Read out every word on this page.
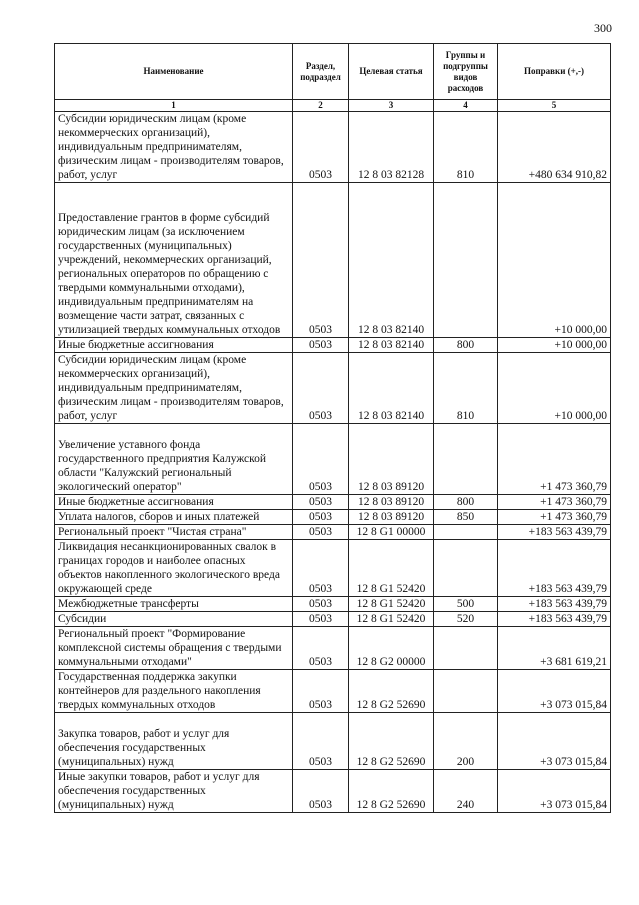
300
Наименование	Раздел, подраздел	Целевая статья	Группы и подгруппы видов расходов	Поправки (+,-)
1	2	3	4	5
Субсидии юридическим лицам (кроме некоммерческих организаций), индивидуальным предпринимателям, физическим лицам - производителям товаров, работ, услуг	0503	12 8 03 82128	810	+480 634 910,82

Предоставление грантов в форме субсидий юридическим лицам (за исключением государственных (муниципальных) учреждений, некоммерческих организаций, региональных операторов по обращению с твердыми коммунальными отходами), индивидуальным предпринимателям на возмещение части затрат, связанных с утилизацией твердых коммунальных отходов	0503	12 8 03 82140		+10 000,00
Иные бюджетные ассигнования	0503	12 8 03 82140	800	+10 000,00
Субсидии юридическим лицам (кроме некоммерческих организаций), индивидуальным предпринимателям, физическим лицам - производителям товаров, работ, услуг	0503	12 8 03 82140	810	+10 000,00

Увеличение уставного фонда государственного предприятия Калужской области "Калужский региональный экологический оператор"	0503	12 8 03 89120		+1 473 360,79
Иные бюджетные ассигнования	0503	12 8 03 89120	800	+1 473 360,79
Уплата налогов, сборов и иных платежей	0503	12 8 03 89120	850	+1 473 360,79
Региональный проект "Чистая страна"	0503	12 8 G1 00000		+183 563 439,79
Ликвидация несанкционированных свалок в границах городов и наиболее опасных объектов накопленного экологического вреда окружающей среде	0503	12 8 G1 52420		+183 563 439,79
Межбюджетные трансферты	0503	12 8 G1 52420	500	+183 563 439,79
Субсидии	0503	12 8 G1 52420	520	+183 563 439,79
Региональный проект "Формирование комплексной системы обращения с твердыми коммунальными отходами"	0503	12 8 G2 00000		+3 681 619,21
Государственная поддержка закупки контейнеров для раздельного накопления твердых коммунальных отходов	0503	12 8 G2 52690		+3 073 015,84

Закупка товаров, работ и услуг для обеспечения государственных (муниципальных) нужд	0503	12 8 G2 52690	200	+3 073 015,84
Иные закупки товаров, работ и услуг для обеспечения государственных (муниципальных) нужд	0503	12 8 G2 52690	240	+3 073 015,84
